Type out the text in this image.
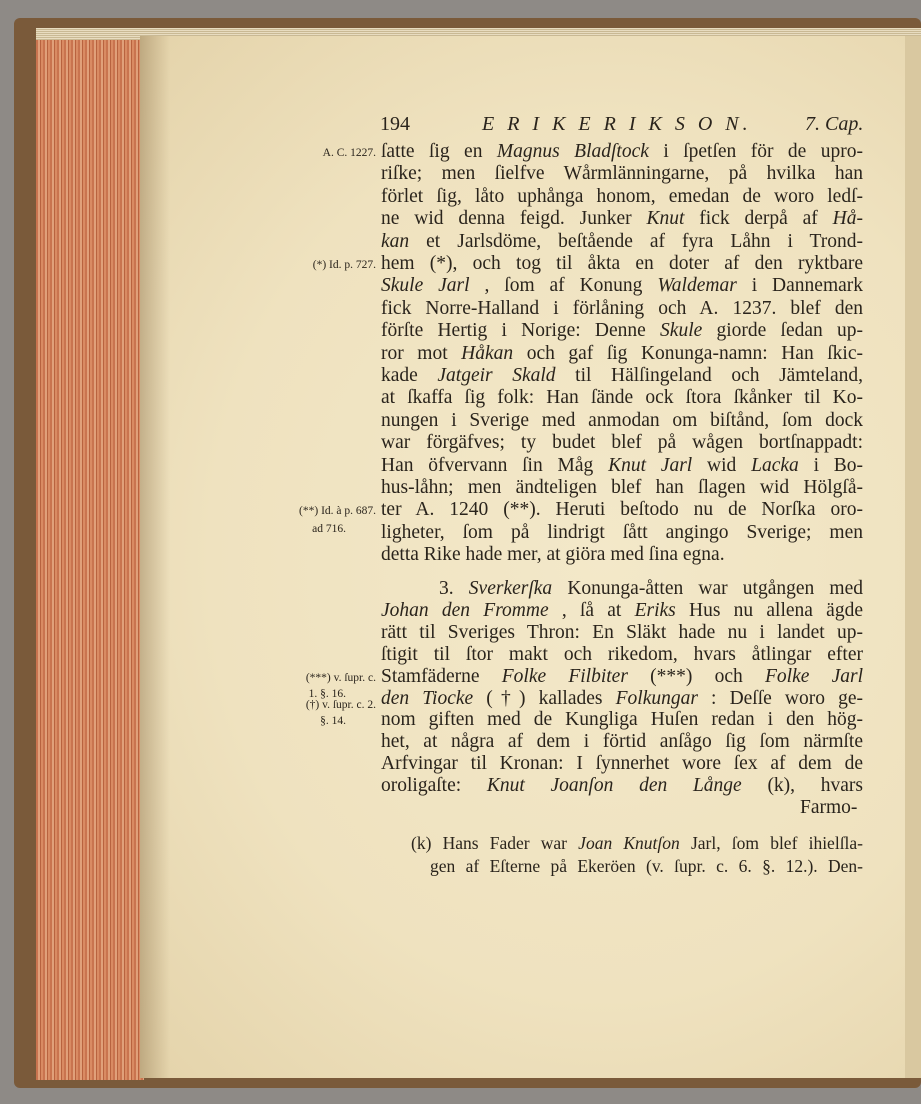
194	E R I K E R I K S O N.	7. Cap.
ſatte ſig en Magnus Bladſtock i ſpetſen för de upro-
riſke; men ſielfve Wårmlänningarne, på hvilka han
förlet ſig, låto uphånga honom, emedan de woro ledſ-
ne wid denna feigd. Junker Knut fick derpå af Hå-
kan et Jarlsdöme, beſtående af fyra Låhn i Trond-
hem (*), och tog til åkta en doter af den ryktbare
Skule Jarl , ſom af Konung Waldemar i Dannemark
fick Norre-Halland i förlåning och A. 1237. blef den
förſte Hertig i Norige: Denne Skule giorde ſedan up-
ror mot Håkan och gaf ſig Konunga-namn: Han ſkic-
kade Jatgeir Skald til Hälſingeland och Jämteland,
at ſkaffa ſig folk: Han ſände ock ſtora ſkånker til Ko-
nungen i Sverige med anmodan om biſtånd, ſom dock
war förgäfves; ty budet blef på wågen bortſnappadt:
Han öfvervann ſin Måg Knut Jarl wid Lacka i Bo-
hus-låhn; men ändteligen blef han ſlagen wid Hölgſå-
ter A. 1240 (**). Heruti beſtodo nu de Norſka oro-
ligheter, ſom på lindrigt ſått angingo Sverige; men
detta Rike hade mer, at giöra med ſina egna.
3. Sverkerſka Konunga-åtten war utgången med
Johan den Fromme , ſå at Eriks Hus nu allena ägde
rätt til Sveriges Thron: En Släkt hade nu i landet up-
ſtigit til ſtor makt och rikedom, hvars åtlingar efter
Stamfäderne Folke Filbiter (***) och Folke Jarl
den Tiocke (†) kallades Folkungar : Deſſe woro ge-
nom giften med de Kungliga Huſen redan i den hög-
het, at några af dem i förtid anſågo ſig ſom närmſte
Arfvingar til Kronan: I ſynnerhet wore ſex af dem de
oroligaſte: Knut Joanſon den Långe (k), hvars
Farmo-
(k) Hans Fader war Joan Knutſon Jarl, ſom blef ihielſla-
gen af Eſterne på Ekeröen (v. ſupr. c. 6. §. 12.). Den-
A. C. 1227.
(*) Id. p. 727.
(**) Id. à p. 687.
ad 716.
(***) v. ſupr. c.
1. §. 16.
(†) v. ſupr. c. 2.
§. 14.
